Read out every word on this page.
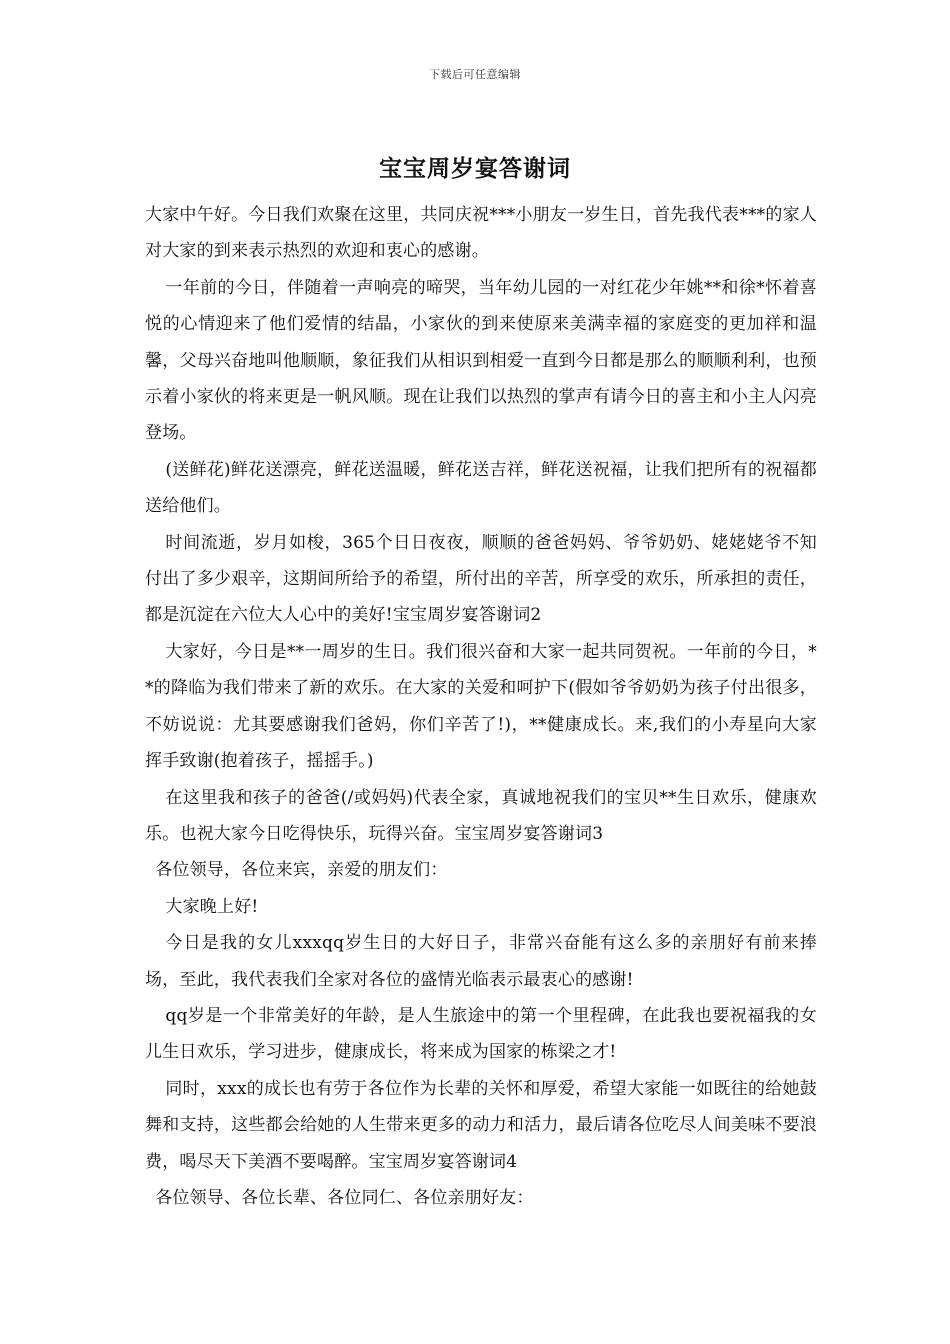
下载后可任意编辑
宝宝周岁宴答谢词

大家中午好。今日我们欢聚在这里，共同庆祝***小朋友一岁生日，首先我代表***的家人对大家的到来表示热烈的欢迎和衷心的感谢。

一年前的今日，伴随着一声响亮的啼哭，当年幼儿园的一对红花少年姚**和徐*怀着喜悦的心情迎来了他们爱情的结晶，小家伙的到来使原来美满幸福的家庭变的更加祥和温馨，父母兴奋地叫他顺顺，象征我们从相识到相爱一直到今日都是那么的顺顺利利，也预示着小家伙的将来更是一帆风顺。现在让我们以热烈的掌声有请今日的喜主和小主人闪亮登场。

(送鲜花)鲜花送漂亮，鲜花送温暖，鲜花送吉祥，鲜花送祝福，让我们把所有的祝福都送给他们。

时间流逝，岁月如梭，365个日日夜夜，顺顺的爸爸妈妈、爷爷奶奶、姥姥姥爷不知付出了多少艰辛，这期间所给予的希望，所付出的辛苦，所享受的欢乐，所承担的责任，都是沉淀在六位大人心中的美好!宝宝周岁宴答谢词2

大家好，今日是**一周岁的生日。我们很兴奋和大家一起共同贺祝。一年前的今日，**的降临为我们带来了新的欢乐。在大家的关爱和呵护下(假如爷爷奶奶为孩子付出很多，不妨说说：尤其要感谢我们爸妈，你们辛苦了!)，**健康成长。来,我们的小寿星向大家挥手致谢(抱着孩子，摇摇手。)

在这里我和孩子的爸爸(/或妈妈)代表全家，真诚地祝我们的宝贝**生日欢乐，健康欢乐。也祝大家今日吃得快乐，玩得兴奋。宝宝周岁宴答谢词3

各位领导，各位来宾，亲爱的朋友们：

大家晚上好!

今日是我的女儿xxxqq岁生日的大好日子，非常兴奋能有这么多的亲朋好有前来捧场，至此，我代表我们全家对各位的盛情光临表示最衷心的感谢!

qq岁是一个非常美好的年龄，是人生旅途中的第一个里程碑，在此我也要祝福我的女儿生日欢乐，学习进步，健康成长，将来成为国家的栋梁之才!

同时，xxx的成长也有劳于各位作为长辈的关怀和厚爱，希望大家能一如既往的给她鼓舞和支持，这些都会给她的人生带来更多的动力和活力，最后请各位吃尽人间美味不要浪费，喝尽天下美酒不要喝醉。宝宝周岁宴答谢词4

各位领导、各位长辈、各位同仁、各位亲朋好友：
